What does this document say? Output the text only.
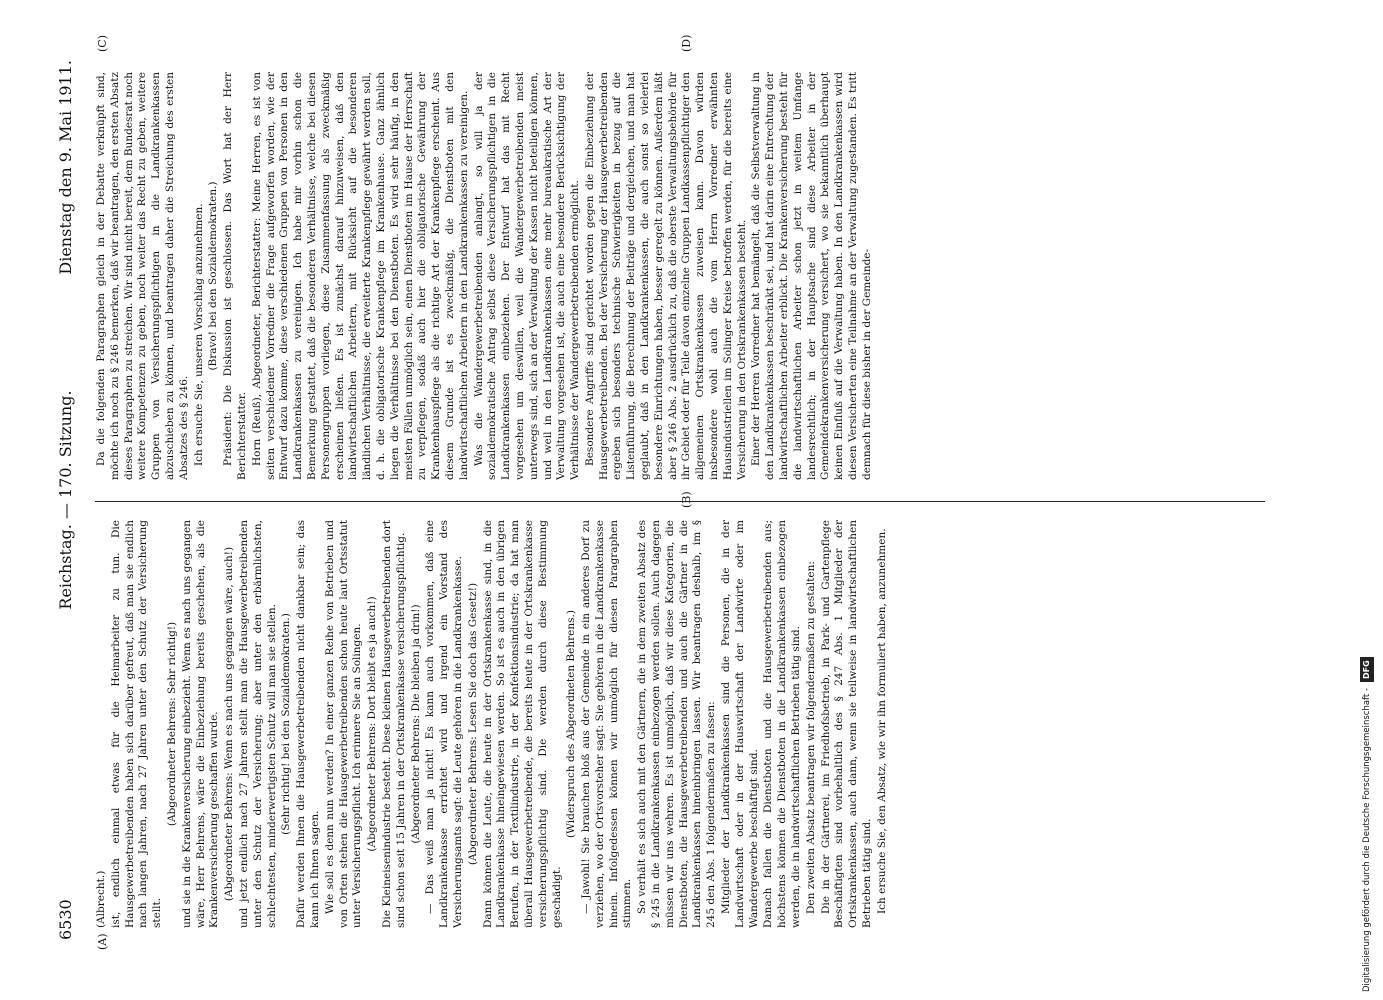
6530
Reichstag. — 170. Sitzung.
Dienstag den 9. Mai 1911.
(A)
(B)
(C)	(D)

(Albrecht.) ist, endlich einmal etwas für die Heimarbeiter zu tun. Die Hausgewerbetreibenden haben sich darüber gefreut, daß man sie endlich nach langen Jahren, nach 27 Jahren unter den Schutz der Versicherung stellt.

(Abgeordneter Behrens: Sehr richtig!) und sie in die Krankenversicherung einbezieht. Wenn es nach uns gegangen wäre, Herr Behrens, wäre die Einbeziehung bereits geschehen, als die Krankenversicherung geschaffen wurde. (Abgeordneter Behrens: Wenn es nach uns gegangen wäre, auch!) und jetzt endlich nach 27 Jahren stellt man die Hausgewerbetreibenden unter den Schutz der Versicherung; aber unter den erbärmlichsten, schlechtesten, minderwertigsten Schutz will man sie stellen. (Sehr richtig! bei den Sozialdemokraten.) Dafür werden Ihnen die Hausgewerbetreibenden nicht dankbar sein; das kann ich Ihnen sagen. Wie soll es denn nun werden? In einer ganzen Reihe von Betrieben und von Orten stehen die Hausgewerbetreibenden schon heute laut Ortsstatut unter Versicherungspflicht. Ich erinnere Sie an Solingen. (Abgeordneter Behrens: Dort bleibt es ja auch!) Die Kleineisenindustrie besteht. Diese kleinen Hausgewerbetreibenden dort sind schon seit 15 Jahren in der Ortskrankenkasse versicherungspflichtig. (Abgeordneter Behrens: Die bleiben ja drin!) — Das weiß man ja nicht! Es kann auch vorkommen, daß eine Landkrankenkasse errichtet wird und irgend ein Vorstand des Versicherungsamts sagt: die Leute gehören in die Landkrankenkasse. (Abgeordneter Behrens: Lesen Sie doch das Gesetz!) Dann können die Leute, die heute in der Ortskrankenkasse sind, in die Landkrankenkasse hineingewiesen werden. So ist es auch in den übrigen Berufen, in der Textilindustrie, in der Konfektionsindustrie; da hat man überall Hausgewerbetreibende, die bereits heute in der Ortskrankenkasse versicherungspflichtig sind. Die werden durch diese Bestimmung geschädigt.

(Widerspruch des Abgeordneten Behrens.) — Jawohl! Sie brauchen bloß aus der Gemeinde in ein anderes Dorf zu verziehen, wo der Ortsvorsteher sagt: Sie gehören in die Landkrankenkasse hinein. Infolgedessen können wir unmöglich für diesen Paragraphen stimmen. So verhält es sich auch mit den Gärtnern, die in dem zweiten Absatz des § 245 in die Landkrankenkassen einbezogen werden sollen. Auch dagegen müssen wir uns wehren. Es ist unmöglich, daß wir diese Kategorien, die Dienstboten, die Hausgewerbetreibenden und auch die Gärtner in die Landkrankenkassen hineinbringen lassen. Wir beantragen deshalb, im § 245 den Abs. 1 folgendermaßen zu fassen: Mitglieder der Landkrankenkassen sind die Personen, die in der Landwirtschaft oder in der Hauswirtschaft der Landwirte oder im Wandergewerbe beschäftigt sind. Danach fallen die Dienstboten und die Hausgewerbetreibenden aus; höchstens können die Dienstboten in die Landkrankenkassen einbezogen werden, die in landwirtschaftlichen Betrieben tätig sind. Den zweiten Absatz beantragen wir folgendermaßen zu gestalten: Die in der Gärtnerei, im Friedhofsbetrieb, in Park- und Gartenpflege Beschäftigten sind vorbehaltlich des § 247 Abs. 1 Mitglieder der Ortskrankenkassen, auch dann, wenn sie teilweise in landwirtschaftlichen Betrieben tätig sind. Ich ersuche Sie, den Absatz, wie wir ihn formuliert haben, anzunehmen.

Da die folgenden Paragraphen gleich in der Debatte verknüpft sind, möchte ich noch zu § 246 bemerken, daß wir beantragen, den ersten Absatz dieses Paragraphen zu streichen. Wir sind nicht bereit, dem Bundesrat noch weitere Kompetenzen zu geben, noch weiter das Recht zu geben, weitere Gruppen von Versicherungspflichtigen in die Landkrankenkassen abzuschieben zu können, und beantragen daher die Streichung des ersten Absatzes des § 246. Ich ersuche Sie, unseren Vorschlag anzunehmen. (Bravo! bei den Sozialdemokraten.) Präsident: Die Diskussion ist geschlossen. Das Wort hat der Herr Berichterstatter. Horn (Reuß), Abgeordneter, Berichterstatter: Meine Herren, es ist von seiten verschiedener Vorredner die Frage aufgeworfen worden, wie der Entwurf dazu komme, diese verschiedenen Gruppen von Personen in den Landkrankenkassen zu vereinigen. Ich habe mir vorhin schon die Bemerkung gestattet, daß die besonderen Verhältnisse, welche bei diesen Personengruppen vorliegen, diese Zusammenfassung als zweckmäßig erscheinen ließen. Es ist zunächst darauf hinzuweisen, daß den landwirtschaftlichen Arbeitern, mit Rücksicht auf die besonderen ländlichen Verhältnisse, die erweiterte Krankenpflege gewährt werden soll, d. h. die obligatorische Krankenpflege im Krankenhause. Ganz ähnlich liegen die Verhältnisse bei den Dienstboten. Es wird sehr häufig, in den meisten Fällen unmöglich sein, einen Dienstboten im Hause der Herrschaft zu verpflegen, sodaß auch hier die obligatorische Gewährung der Krankenhauspflege als die richtige Art der Krankenpflege erscheint. Aus diesem Grunde ist es zweckmäßig, die Dienstboten mit den landwirtschaftlichen Arbeitern in den Landkrankenkassen zu vereinigen. Was die Wandergewerbetreibenden anlangt, so will ja der sozialdemokratische Antrag selbst diese Versicherungspflichtigen in die Landkrankenkassen einbeziehen. Der Entwurf hat das mit Recht vorgesehen um deswillen, weil die Wandergewerbetreibenden meist unterwegs sind, sich an der Verwaltung der Kassen nicht beteiligen können, und weil in den Landkrankenkassen eine mehr bureaukratische Art der Verwaltung vorgesehen ist, die auch eine besondere Berücksichtigung der Verhältnisse der Wandergewerbetreibenden ermöglicht. Besondere Angriffe sind gerichtet worden gegen die Einbeziehung der Hausgewerbetreibenden. Bei der Versicherung der Hausgewerbetreibenden ergeben sich besonders technische Schwierigkeiten in bezug auf die Listenführung, die Berechnung der Beiträge und dergleichen, und man hat geglaubt, daß in den Landkrankenkassen, die auch sonst so vielerlei besondere Einrichtungen haben, besser geregelt zu können. Außerdem läßt aber § 246 Abs. 2 ausdrücklich zu, daß die oberste Verwaltungsbehörde für ihr Gebiet oder für Teile davon einzelne Gruppen Landkassenpflichtiger den allgemeinen Ortskrankenkassen zuweisen kann. Davon würden insbesondere wohl auch die vom Herrn Vorredner erwähnten Hausindustriellen im Solinger Kreise betroffen werden, für die bereits eine Versicherung in den Ortskrankenkassen besteht. Einer der Herren Vorredner hat bemängelt, daß die Selbstverwaltung in den Landkrankenkassen beschränkt sei, und hat darin eine Entrechtung der landwirtschaftlichen Arbeiter erblickt. Die Krankenversicherung besteht für die landwirtschaftlichen Arbeiter schon jetzt in weitem Umfange landesrechtlich; in der Hauptsache sind diese Arbeiter in der Gemeindekrankenversicherung versichert, wo sie bekanntlich überhaupt keinen Einfluß auf die Verwaltung haben. In den Landkrankenkassen wird diesen Versicherten eine Teilnahme an der Verwaltung zugestanden. Es tritt demnach für diese bisher in der Gemeinde-

Digitalisierung gefördert durch die Deutsche Forschungsgemeinschaft -DFG
